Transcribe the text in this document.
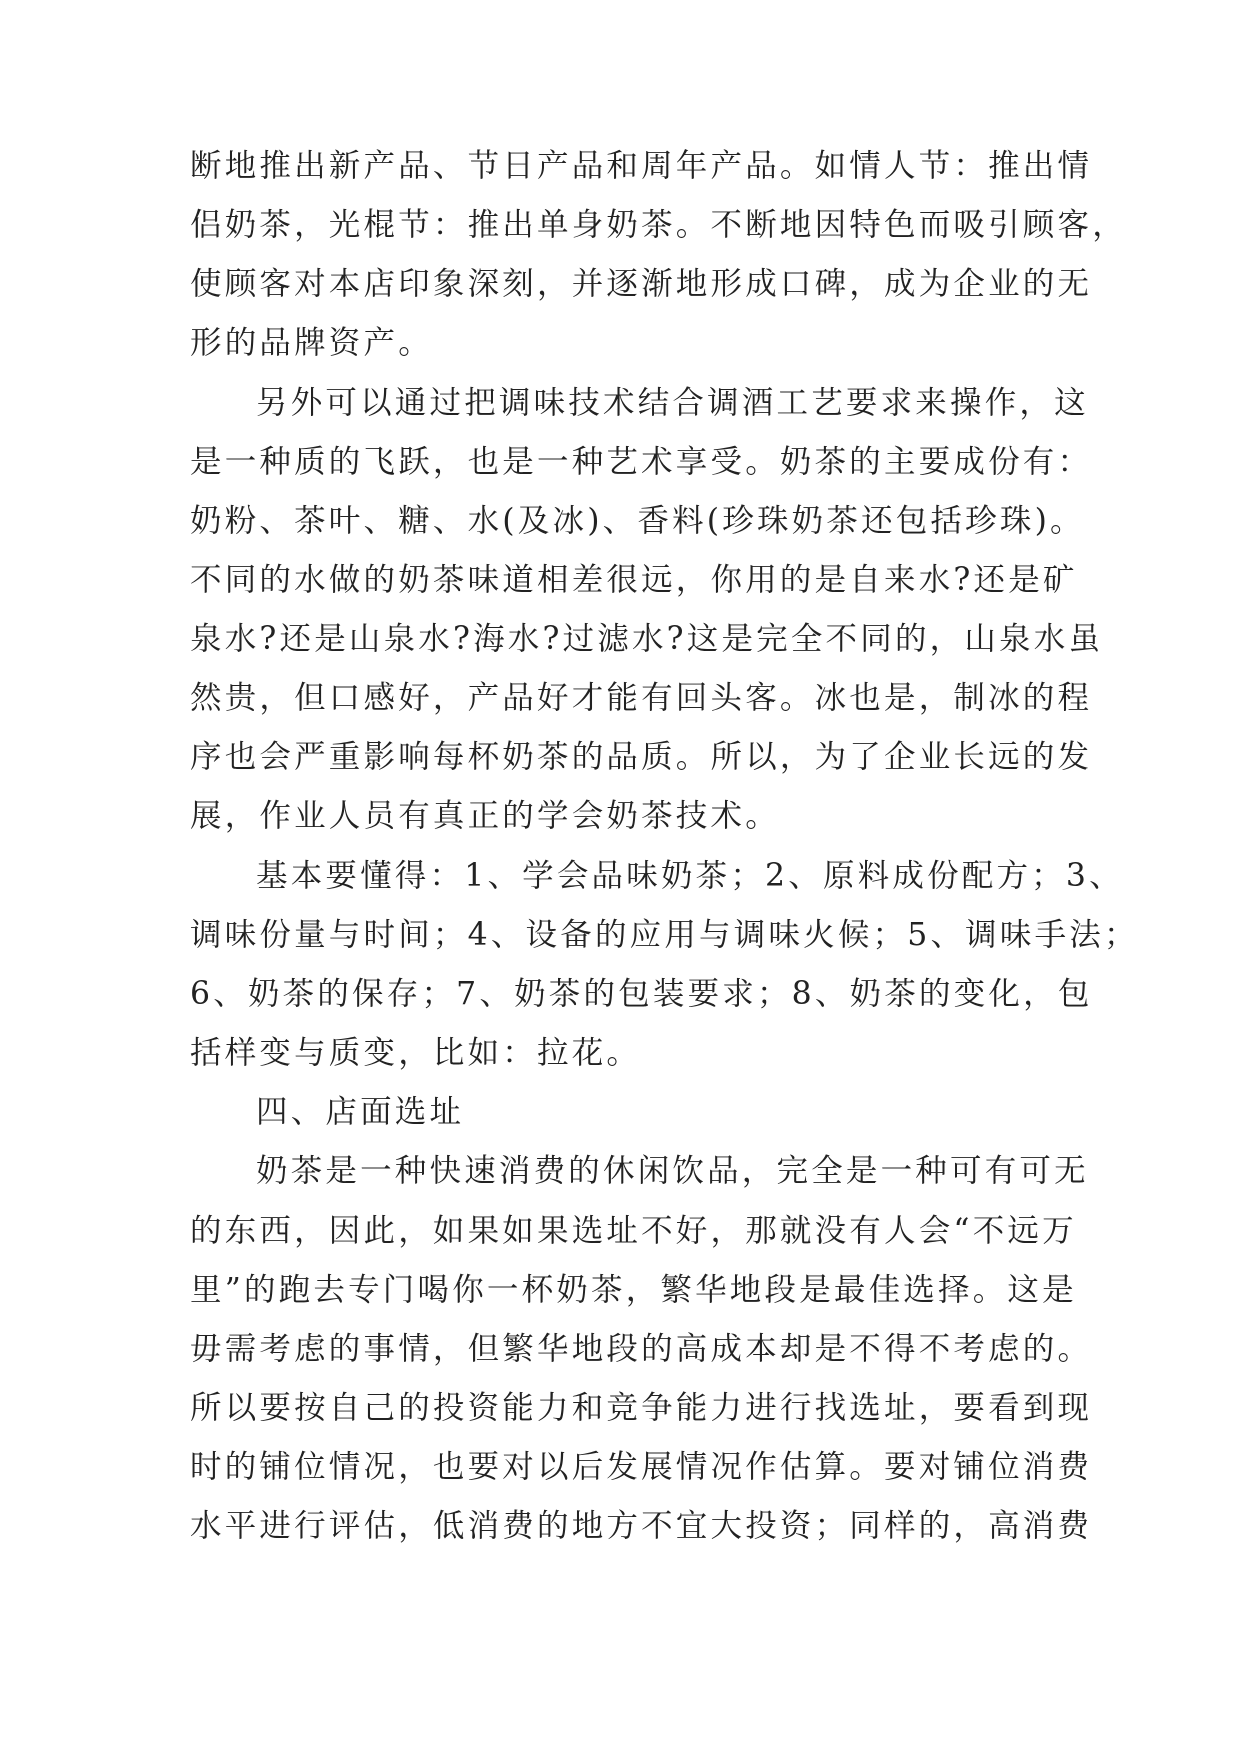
断地推出新产品、节日产品和周年产品。如情人节：推出情
侣奶茶，光棍节：推出单身奶茶。不断地因特色而吸引顾客，
使顾客对本店印象深刻，并逐渐地形成口碑，成为企业的无
形的品牌资产。
另外可以通过把调味技术结合调酒工艺要求来操作，这
是一种质的飞跃，也是一种艺术享受。奶茶的主要成份有：
奶粉、茶叶、糖、水(及冰)、香料(珍珠奶茶还包括珍珠)。
不同的水做的奶茶味道相差很远，你用的是自来水?还是矿
泉水?还是山泉水?海水?过滤水?这是完全不同的，山泉水虽
然贵，但口感好，产品好才能有回头客。冰也是，制冰的程
序也会严重影响每杯奶茶的品质。所以，为了企业长远的发
展，作业人员有真正的学会奶茶技术。
基本要懂得：1、学会品味奶茶；2、原料成份配方；3、
调味份量与时间；4、设备的应用与调味火候；5、调味手法；
6、奶茶的保存；7、奶茶的包装要求；8、奶茶的变化，包
括样变与质变，比如：拉花。
四、店面选址
奶茶是一种快速消费的休闲饮品，完全是一种可有可无
的东西，因此，如果如果选址不好，那就没有人会“不远万
里”的跑去专门喝你一杯奶茶，繁华地段是最佳选择。这是
毋需考虑的事情，但繁华地段的高成本却是不得不考虑的。
所以要按自己的投资能力和竞争能力进行找选址，要看到现
时的铺位情况，也要对以后发展情况作估算。要对铺位消费
水平进行评估，低消费的地方不宜大投资；同样的，高消费
